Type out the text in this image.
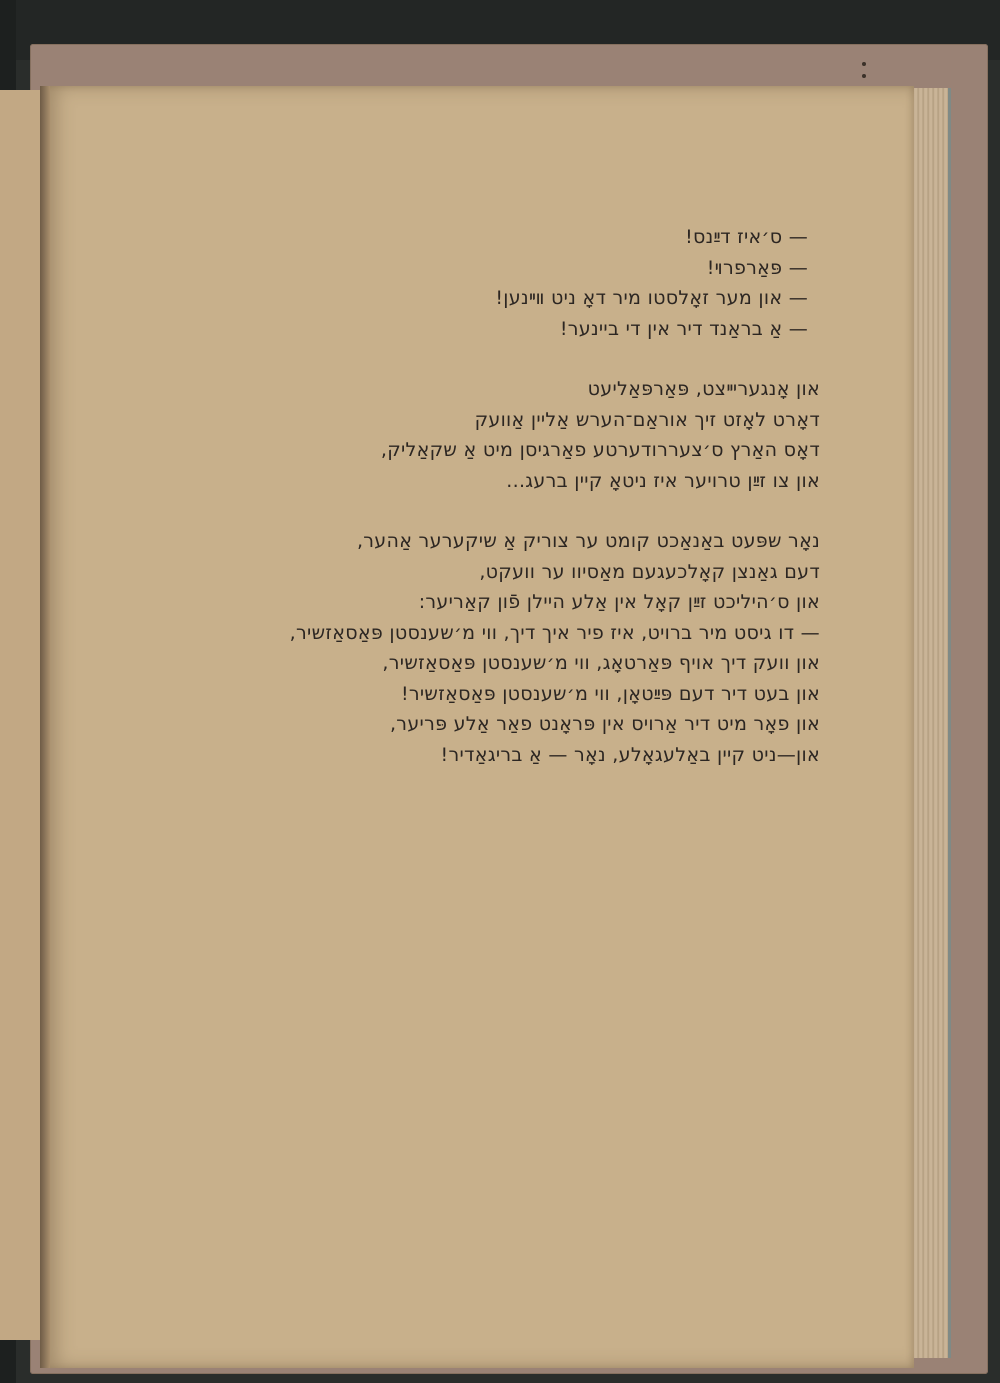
— ס׳איז דײַנס!
— פּאַרפרױ!
— און מער זאָלסטו מיר דאָ ניט װײנען!
— אַ בראַנד דיר אין די ביינער!
און אָנגעריײצט, פּאַרפּאַליעט
דאָרט לאָזט זיך אוראַם־הערש אַליין אַוועק
דאָס האַרץ ס׳צעררודערטע פאַרגיסן מיט אַ שקאַליק,
און צו זײַן טרויער איז ניטאָ קיין ברעג...
נאָר שפּעט באַנאַכט קומט ער צוריק אַ שיקערער אַהער,
דעם גאַנצן קאָלכעגעם מאַסיוו ער וועקט,
און ס׳היליכט זײַן קאָל אין אַלע היילן פֿון קאַריער:
— דו גיסט מיר ברויט, איז פיר איך דיך, ווי מ׳שענסטן פּאַסאַזשיר,
און וועק דיך אויף פּאַרטאָג, ווי מ׳שענסטן פּאַסאַזשיר,
און בעט דיר דעם פּײַטאָן, ווי מ׳שענסטן פּאַסאַזשיר!
און פאָר מיט דיר אַרויס אין פּראָנט פאַר אַלע פּריער,
און—ניט קיין באַלעגאָלע, נאָר — אַ בריגאַדיר!
